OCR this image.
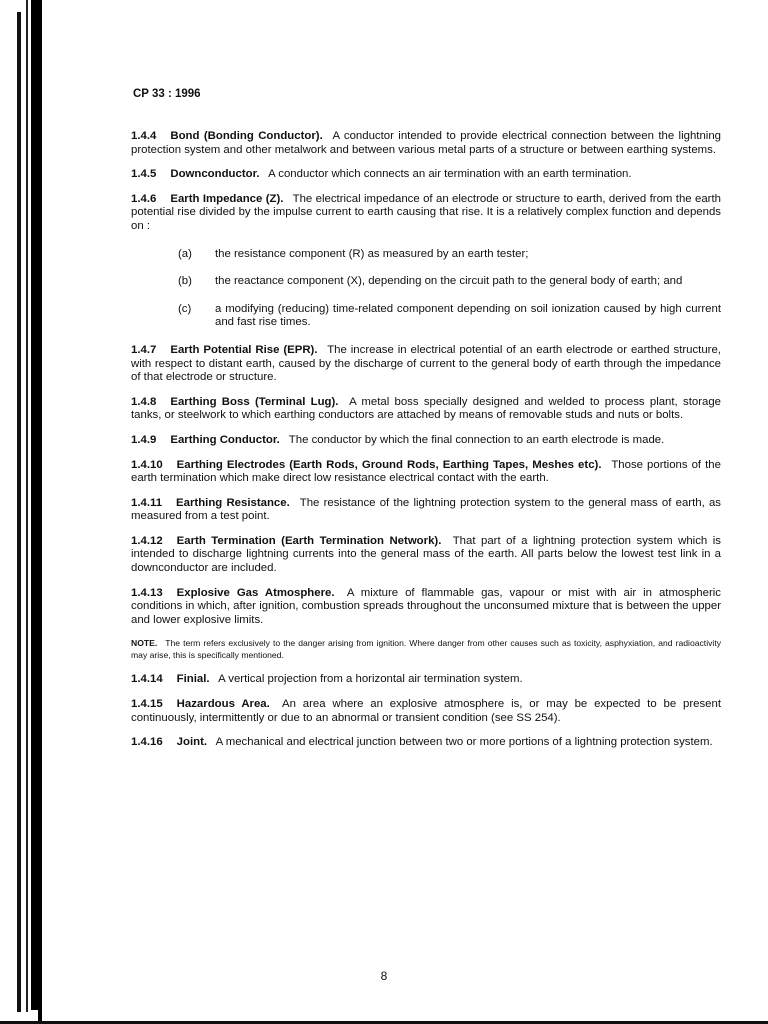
CP 33 : 1996

1.4.4 Bond (Bonding Conductor). A conductor intended to provide electrical connection between the lightning protection system and other metalwork and between various metal parts of a structure or between earthing systems.

1.4.5 Downconductor. A conductor which connects an air termination with an earth termination.

1.4.6 Earth Impedance (Z). The electrical impedance of an electrode or structure to earth, derived from the earth potential rise divided by the impulse current to earth causing that rise. It is a relatively complex function and depends on :

(a)	the resistance component (R) as measured by an earth tester;
(b)	the reactance component (X), depending on the circuit path to the general body of earth; and
(c)	a modifying (reducing) time-related component depending on soil ionization caused by high current and fast rise times.

1.4.7 Earth Potential Rise (EPR). The increase in electrical potential of an earth electrode or earthed structure, with respect to distant earth, caused by the discharge of current to the general body of earth through the impedance of that electrode or structure.

1.4.8 Earthing Boss (Terminal Lug). A metal boss specially designed and welded to process plant, storage tanks, or steelwork to which earthing conductors are attached by means of removable studs and nuts or bolts.

1.4.9 Earthing Conductor. The conductor by which the final connection to an earth electrode is made.

1.4.10 Earthing Electrodes (Earth Rods, Ground Rods, Earthing Tapes, Meshes etc). Those portions of the earth termination which make direct low resistance electrical contact with the earth.

1.4.11 Earthing Resistance. The resistance of the lightning protection system to the general mass of earth, as measured from a test point.

1.4.12 Earth Termination (Earth Termination Network). That part of a lightning protection system which is intended to discharge lightning currents into the general mass of the earth. All parts below the lowest test link in a downconductor are included.

1.4.13 Explosive Gas Atmosphere. A mixture of flammable gas, vapour or mist with air in atmospheric conditions in which, after ignition, combustion spreads throughout the unconsumed mixture that is between the upper and lower explosive limits.

NOTE. The term refers exclusively to the danger arising from ignition. Where danger from other causes such as toxicity, asphyxiation, and radioactivity may arise, this is specifically mentioned.

1.4.14 Finial. A vertical projection from a horizontal air termination system.

1.4.15 Hazardous Area. An area where an explosive atmosphere is, or may be expected to be present continuously, intermittently or due to an abnormal or transient condition (see SS 254).

1.4.16 Joint. A mechanical and electrical junction between two or more portions of a lightning protection system.

8
